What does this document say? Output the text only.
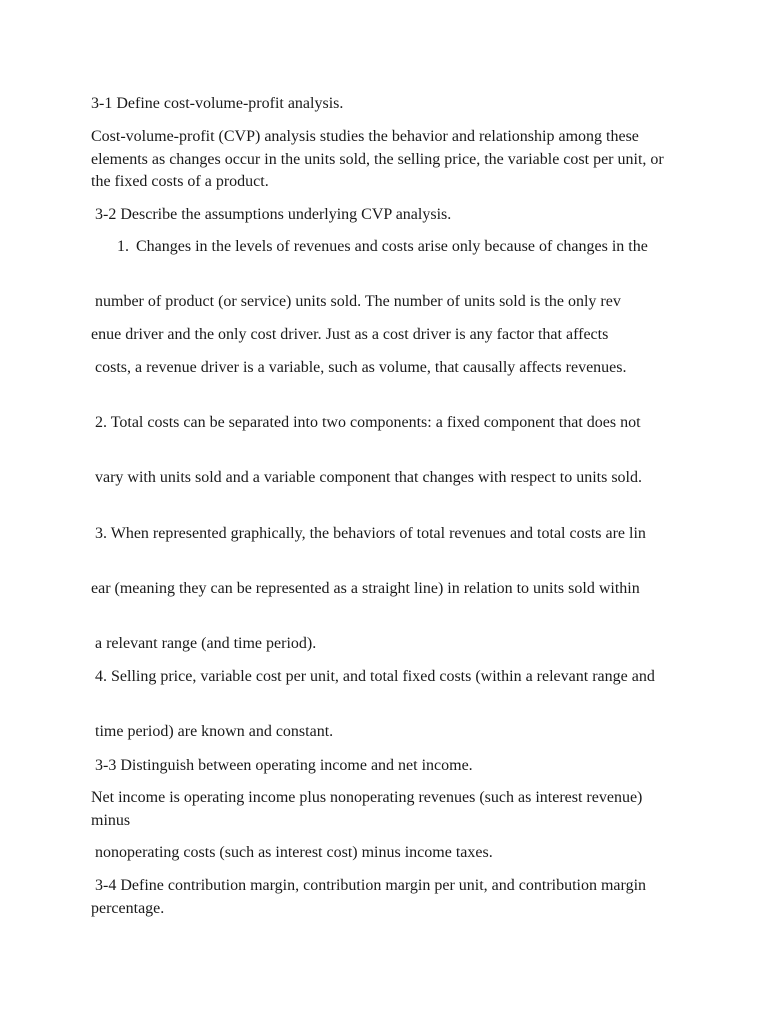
3-1 Define cost-volume-profit analysis.

Cost-volume-profit (CVP) analysis studies the behavior and relationship among these elements as changes occur in the units sold, the selling price, the variable cost per unit, or the fixed costs of a product.

3-2 Describe the assumptions underlying CVP analysis.

1. Changes in the levels of revenues and costs arise only because of changes in the

number of product (or service) units sold. The number of units sold is the only rev

enue driver and the only cost driver. Just as a cost driver is any factor that affects

costs, a revenue driver is a variable, such as volume, that causally affects revenues.

2. Total costs can be separated into two components: a fixed component that does not

vary with units sold and a variable component that changes with respect to units sold.

3. When represented graphically, the behaviors of total revenues and total costs are lin

ear (meaning they can be represented as a straight line) in relation to units sold within

a relevant range (and time period).

4. Selling price, variable cost per unit, and total fixed costs (within a relevant range and

time period) are known and constant.

3-3 Distinguish between operating income and net income.

Net income is operating income plus nonoperating revenues (such as interest revenue) minus

nonoperating costs (such as interest cost) minus income taxes.

3-4 Define contribution margin, contribution margin per unit, and contribution margin percentage.
